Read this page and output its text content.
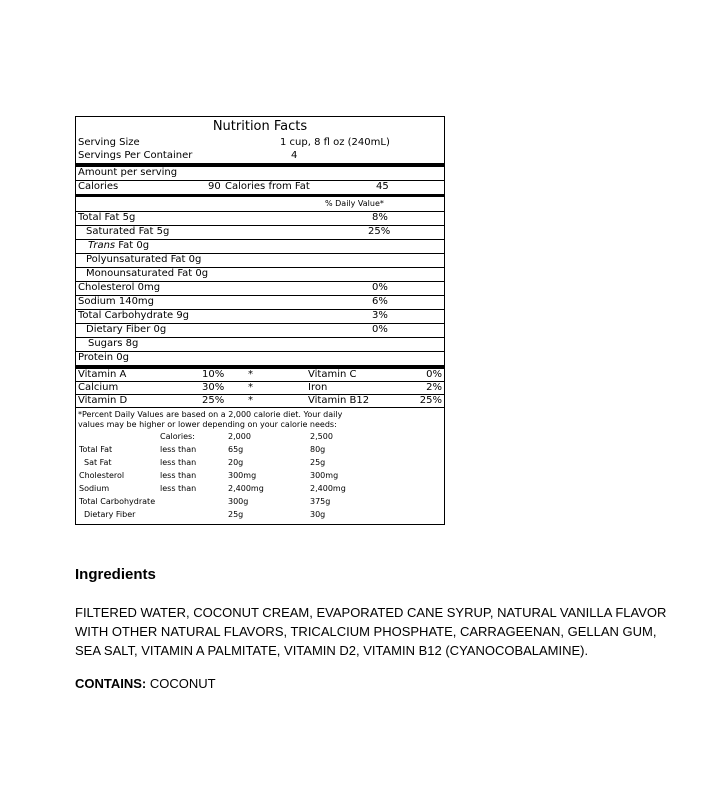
Nutrition Facts
Serving Size	1 cup, 8 fl oz (240mL)
Servings Per Container	4
Amount per serving
Calories	90 Calories from Fat	45
% Daily Value*
Total Fat 5g	8%
Saturated Fat 5g	25%
Trans Fat 0g
Polyunsaturated Fat 0g
Monounsaturated Fat 0g
Cholesterol 0mg	0%
Sodium 140mg	6%
Total Carbohydrate 9g	3%
Dietary Fiber 0g	0%
Sugars 8g
Protein 0g
Vitamin A	10% *	Vitamin C	0%
Calcium	30% *	Iron	2%
Vitamin D	25% *	Vitamin B12	25%
*Percent Daily Values are based on a 2,000 calorie diet. Your daily
values may be higher or lower depending on your calorie needs:
Calories:	2,000	2,500
Total Fat	less than	65g	80g
Sat Fat	less than	20g	25g
Cholesterol	less than	300mg	300mg
Sodium	less than	2,400mg	2,400mg
Total Carbohydrate	300g	375g
Dietary Fiber	25g	30g
Ingredients

FILTERED WATER, COCONUT CREAM, EVAPORATED CANE SYRUP, NATURAL VANILLA FLAVOR WITH OTHER NATURAL FLAVORS, TRICALCIUM PHOSPHATE, CARRAGEENAN, GELLAN GUM, SEA SALT, VITAMIN A PALMITATE, VITAMIN D2, VITAMIN B12 (CYANOCOBALAMINE).

CONTAINS: COCONUT
